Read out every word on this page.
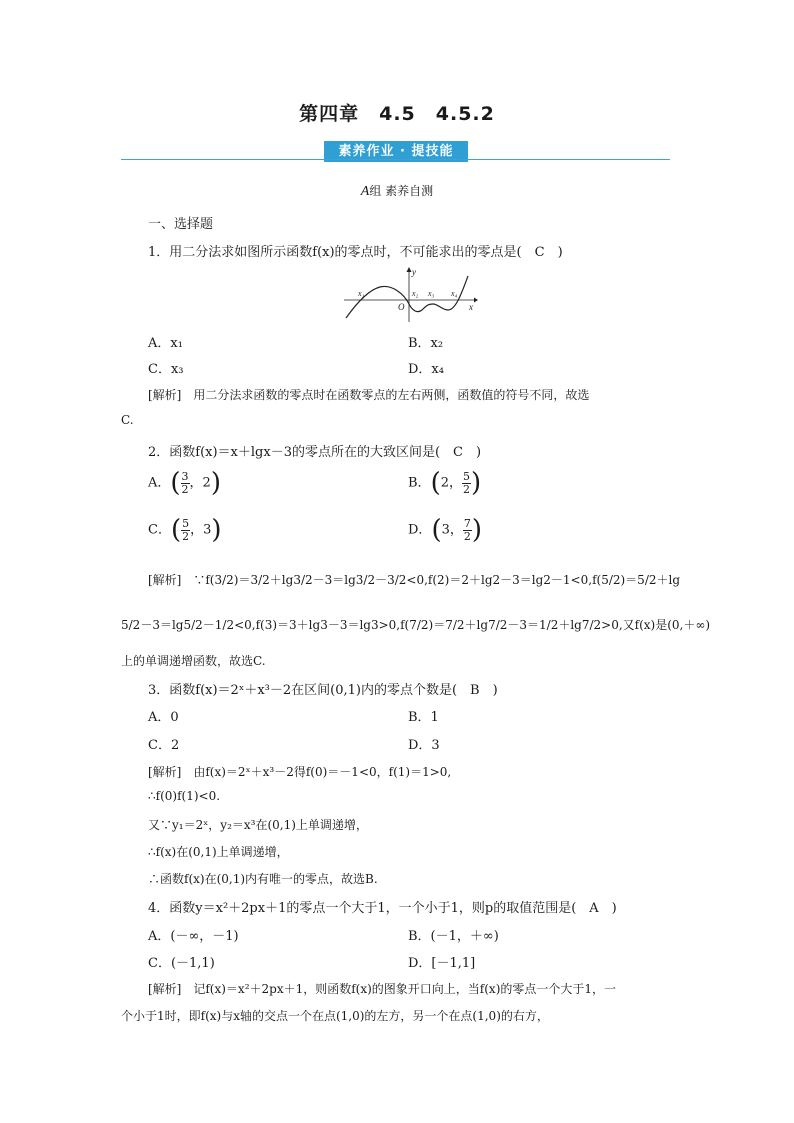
第四章　4.5　4.5.2
素养作业 · 提技能
A组 素养自测
一、选择题
1．用二分法求如图所示函数f(x)的零点时，不可能求出的零点是(　C　)
y
O	x
x₁	x₂ x₃ x₄
A．x₁	B．x₂
C．x₃	D．x₄
[解析]　用二分法求函数的零点时在函数零点的左右两侧，函数值的符号不同，故选
C.
2．函数f(x)＝x＋lgx－3的零点所在的大致区间是(　C　)
A．( $\frac{3}{2}$ ，2)	B．(2， $\frac{5}{2}$ )
C．( $\frac{5}{2}$ ，3)	D．(3， $\frac{7}{2}$ )
[解析]　∵f(3/2)＝3/2＋lg3/2－3＝lg3/2－3/2<0,f(2)＝2＋lg2－3＝lg2－1<0,f(5/2)＝5/2＋lg
5/2－3＝lg5/2－1/2<0,f(3)＝3＋lg3－3＝lg3>0,f(7/2)＝7/2＋lg7/2－3＝1/2＋lg7/2>0,又f(x)是(0,＋∞)
上的单调递增函数，故选C.
3．函数f(x)＝2ˣ＋x³－2在区间(0,1)内的零点个数是(　B　)
A．0	B．1
C．2	D．3
[解析]　由f(x)＝2ˣ＋x³－2得f(0)＝－1<0，f(1)＝1>0,
∴f(0)f(1)<0.
又∵y₁＝2ˣ，y₂＝x³在(0,1)上单调递增，
∴f(x)在(0,1)上单调递增，
∴函数f(x)在(0,1)内有唯一的零点，故选B.
4．函数y＝x²＋2px＋1的零点一个大于1，一个小于1，则p的取值范围是(　A　)
A．(－∞，－1)	B．(－1，＋∞)
C．(－1,1)	D．[－1,1]
[解析]　记f(x)＝x²＋2px＋1，则函数f(x)的图象开口向上，当f(x)的零点一个大于1，一
个小于1时，即f(x)与x轴的交点一个在点(1,0)的左方，另一个在点(1,0)的右方，
